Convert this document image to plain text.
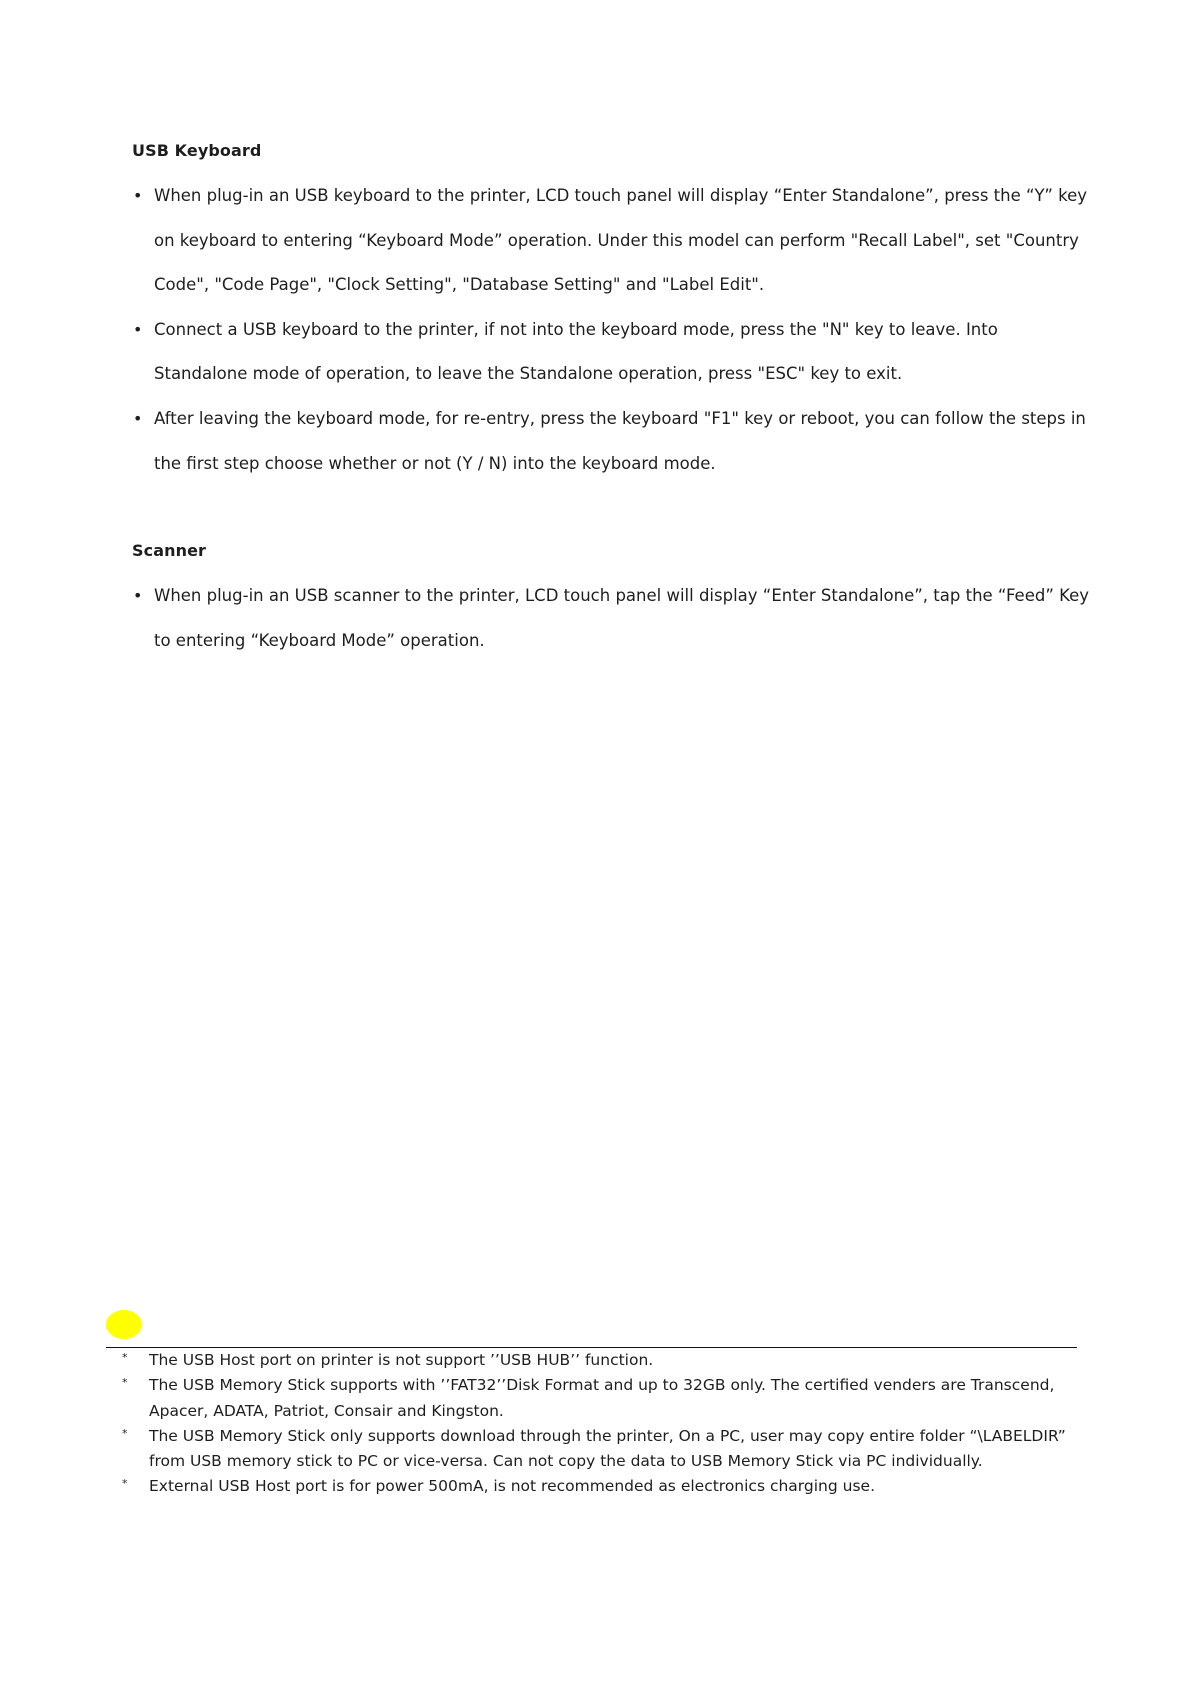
USB Keyboard
• When plug-in an USB keyboard to the printer, LCD touch panel will display “Enter Standalone”, press the “Y” key on keyboard to entering “Keyboard Mode” operation. Under this model can perform "Recall Label", set "Country Code", "Code Page", "Clock Setting", "Database Setting" and "Label Edit".
• Connect a USB keyboard to the printer, if not into the keyboard mode, press the "N" key to leave. Into Standalone mode of operation, to leave the Standalone operation, press "ESC" key to exit.
• After leaving the keyboard mode, for re-entry, press the keyboard "F1" key or reboot, you can follow the steps in the first step choose whether or not (Y / N) into the keyboard mode.
Scanner
• When plug-in an USB scanner to the printer, LCD touch panel will display “Enter Standalone”, tap the “Feed” Key to entering “Keyboard Mode” operation.
* The USB Host port on printer is not support ’’USB HUB’’ function.
* The USB Memory Stick supports with ’’FAT32’’Disk Format and up to 32GB only. The certified venders are Transcend, Apacer, ADATA, Patriot, Consair and Kingston.
* The USB Memory Stick only supports download through the printer, On a PC, user may copy entire folder “\LABELDIR” from USB memory stick to PC or vice-versa. Can not copy the data to USB Memory Stick via PC individually.
* External USB Host port is for power 500mA, is not recommended as electronics charging use.
